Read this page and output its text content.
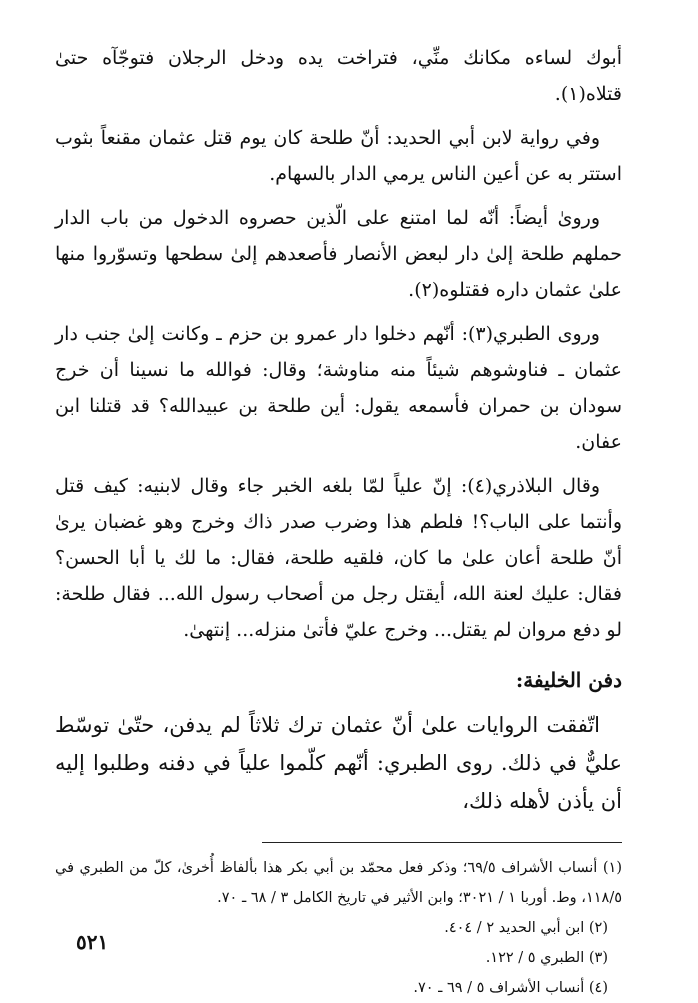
أبوك لساءه مكانك منِّي، فتراخت يده ودخل الرجلان فتوجّآه حتىٰ قتلاه(١).

وفي رواية لابن أبي الحديد: أنّ طلحة كان يوم قتل عثمان مقنعاً بثوب استتر به عن أعين الناس يرمي الدار بالسهام.

ورویٰ أيضاً: أنّه لما امتنع على الّذين حصروه الدخول من باب الدار حملهم طلحة إلىٰ دار لبعض الأنصار فأصعدهم إلىٰ سطحها وتسوّروا منها علىٰ عثمان داره فقتلوه(٢).

وروى الطبري(٣): أنّهم دخلوا دار عمرو بن حزم ـ وكانت إلىٰ جنب دار عثمان ـ فناوشوهم شيئاً منه مناوشة؛ وقال: فوالله ما نسينا أن خرج سودان بن حمران فأسمعه يقول: أين طلحة بن عبيدالله؟ قد قتلنا ابن عفان.

وقال البلاذري(٤): إنّ علياً لمّا بلغه الخبر جاء وقال لابنيه: كيف قتل وأنتما على الباب؟! فلطم هذا وضرب صدر ذاك وخرج وهو غضبان يرىٰ أنّ طلحة أعان علىٰ ما كان، فلقيه طلحة، فقال: ما لك يا أبا الحسن؟ فقال: عليك لعنة الله، أيقتل رجل من أصحاب رسول الله... فقال طلحة: لو دفع مروان لم يقتل... وخرج عليّ فأتىٰ منزله... إنتهىٰ.

دفن الخليفة:

اتّفقت الروايات علىٰ أنّ عثمان ترك ثلاثاً لم يدفن، حتّىٰ توسّط عليٌّ في ذلك. روى الطبري: أنّهم كلّموا علياً في دفنه وطلبوا إليه أن يأذن لأهله ذلك،

(١) أنساب الأشراف ٦٩/٥؛ وذكر فعل محمّد بن أبي بكر هذا بألفاظ أُخرىٰ، كلّ من الطبري في ١١٨/٥، وط. أوربا ١ / ٣٠٢١؛ وابن الأثير في تاريخ الكامل ٣ / ٦٨ ـ ٧٠.

(٢) ابن أبي الحديد ٢ / ٤٠٤.

(٣) الطبري ٥ / ١٢٢.

(٤) أنساب الأشراف ٥ / ٦٩ ـ ٧٠.

٥٢١
